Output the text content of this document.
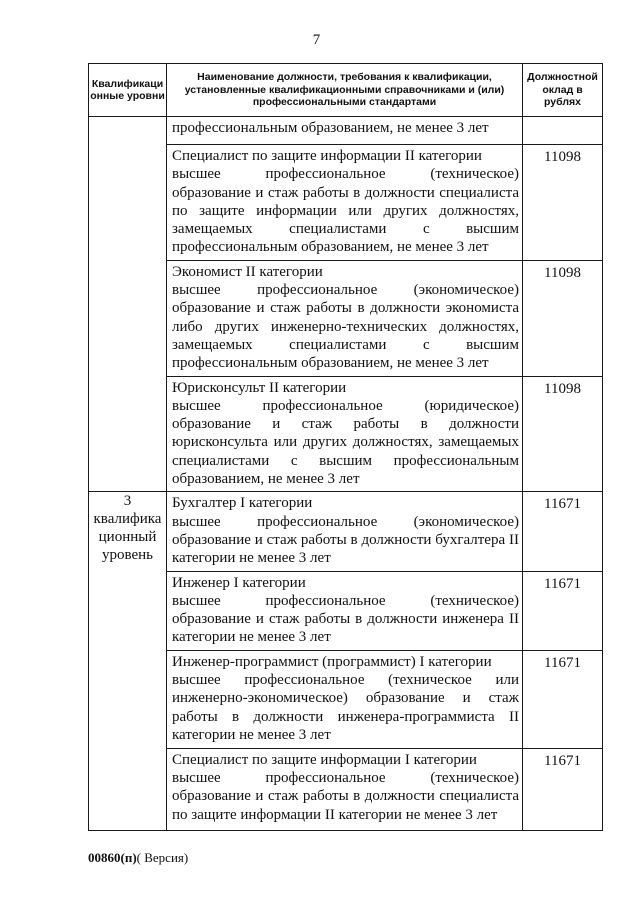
7
Квалификаци онные уровни	Наименование должности, требования к квалификации, установленные квалификационными справочниками и (или) профессиональными стандартами	Должностной оклад в рублях

	профессиональным образованием, не менее 3 лет	

	Специалист по защите информации II категории
высшее профессиональное (техническое) образование и стаж работы в должности специалиста по защите информации или других должностях, замещаемых специалистами с высшим профессиональным образованием, не менее 3 лет	11098

	Экономист II категории
высшее профессиональное (экономическое) образование и стаж работы в должности экономиста либо других инженерно-технических должностях, замещаемых специалистами с высшим профессиональным образованием, не менее 3 лет	11098

	Юрисконсульт II категории
высшее профессиональное (юридическое) образование и стаж работы в должности юрисконсульта или других должностях, замещаемых специалистами с высшим профессиональным образованием, не менее 3 лет	11098
3 квалифика ционный уровень	Бухгалтер I категории
высшее профессиональное (экономическое) образование и стаж работы в должности бухгалтера II категории не менее 3 лет	11671

	Инженер I категории
высшее профессиональное (техническое) образование и стаж работы в должности инженера II категории не менее 3 лет	11671

	Инженер-программист (программист) I категории
высшее профессиональное (техническое или инженерно-экономическое) образование и стаж работы в должности инженера-программиста II категории не менее 3 лет	11671

	Специалист по защите информации I категории
высшее профессиональное (техническое) образование и стаж работы в должности специалиста по защите информации II категории не менее 3 лет	11671
00860(п)( Версия)
